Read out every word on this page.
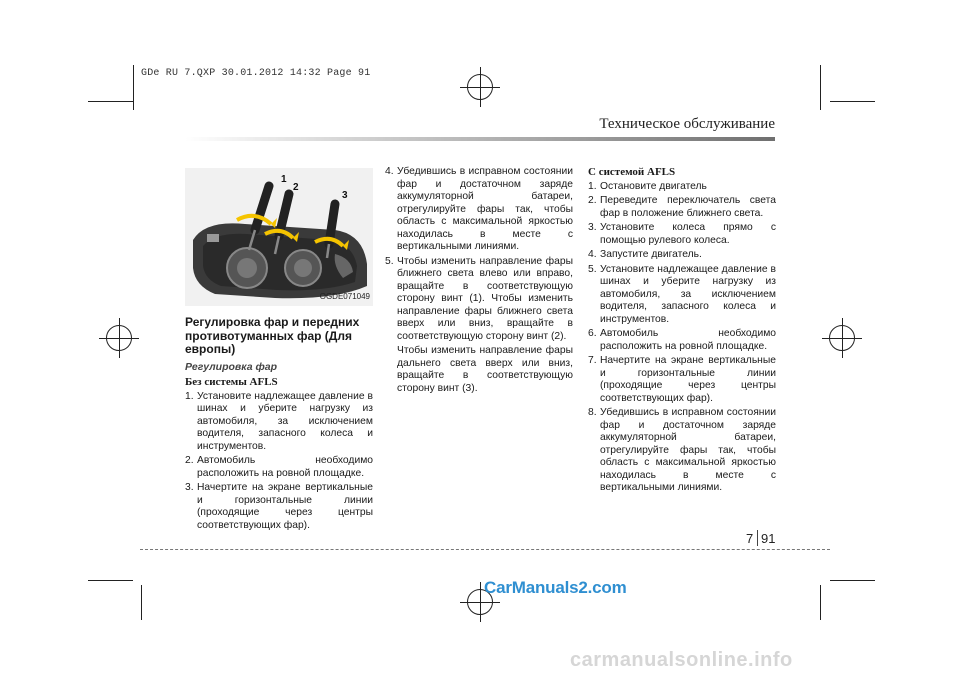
GDe RU 7.QXP 30.01.2012 14:32 Page 91
Техническое обслуживание
1
2
3
OGDE071049
Регулировка фар и передних противотуманных фар (Для европы)
Регулировка фар
Без системы AFLS
1. Установите надлежащее давление в шинах и уберите нагрузку из автомобиля, за исключением водителя, запасного колеса и инструментов.
2. Автомобиль необходимо расположить на ровной площадке.
3. Начертите на экране вертикальные и горизонтальные линии (проходящие через центры соответствующих фар).
4. Убедившись в исправном состоянии фар и достаточном заряде аккумуляторной батареи, отрегулируйте фары так, чтобы область с максимальной яркостью находилась в месте с вертикальными линиями.
5. Чтобы изменить направление фары ближнего света влево или вправо, вращайте в соответствующую сторону винт (1). Чтобы изменить направление фары ближнего света вверх или вниз, вращайте в соответствующую сторону винт (2).

Чтобы изменить направление фары дальнего света вверх или вниз, вращайте в соответствующую сторону винт (3).

С системой AFLS
1. Остановите двигатель
2. Переведите переключатель света фар в положение ближнего света.
3. Установите колеса прямо с помощью рулевого колеса.
4. Запустите двигатель.
5. Установите надлежащее давление в шинах и уберите нагрузку из автомобиля, за исключением водителя, запасного колеса и инструментов.
6. Автомобиль необходимо расположить на ровной площадке.
7. Начертите на экране вертикальные и горизонтальные линии (проходящие через центры соответствующих фар).
8. Убедившись в исправном состоянии фар и достаточном заряде аккумуляторной батареи, отрегулируйте фары так, чтобы область с максимальной яркостью находилась в месте с вертикальными линиями.
7 91
CarManuals2.com
carmanualsonline.info
